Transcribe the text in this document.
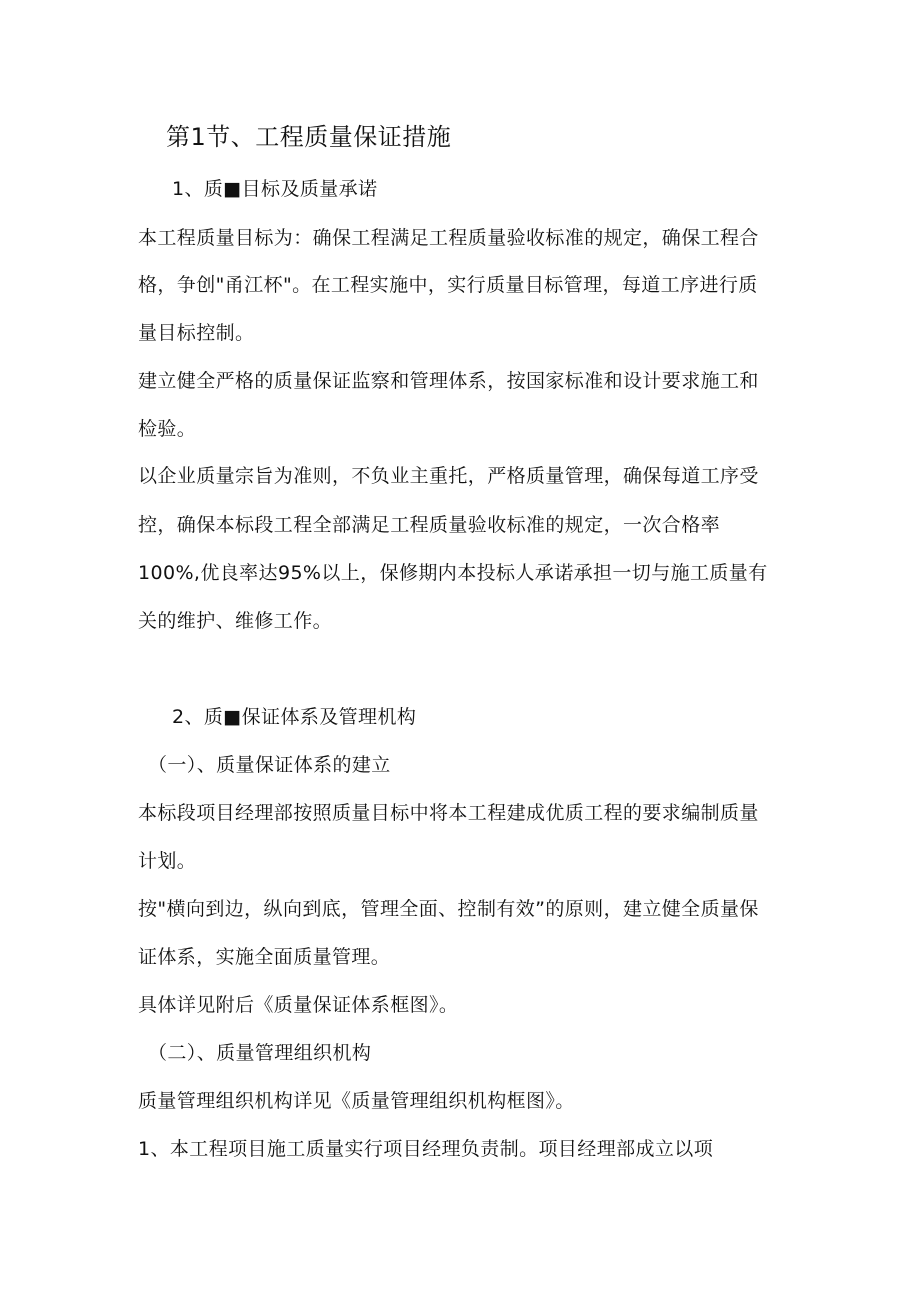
第1节、工程质量保证措施
1、质■目标及质量承诺
本工程质量目标为：确保工程满足工程质量验收标准的规定，确保工程合
格，争创"甬江杯"。在工程实施中，实行质量目标管理，每道工序进行质
量目标控制。
建立健全严格的质量保证监察和管理体系，按国家标准和设计要求施工和
检验。
以企业质量宗旨为准则，不负业主重托，严格质量管理，确保每道工序受
控，确保本标段工程全部满足工程质量验收标准的规定，一次合格率
100%,优良率达95%以上，保修期内本投标人承诺承担一切与施工质量有
关的维护、维修工作。
2、质■保证体系及管理机构
（一）、质量保证体系的建立
本标段项目经理部按照质量目标中将本工程建成优质工程的要求编制质量
计划。
按"横向到边，纵向到底，管理全面、控制有效”的原则，建立健全质量保
证体系，实施全面质量管理。
具体详见附后《质量保证体系框图》。
（二）、质量管理组织机构
质量管理组织机构详见《质量管理组织机构框图》。
1、本工程项目施工质量实行项目经理负责制。项目经理部成立以项
